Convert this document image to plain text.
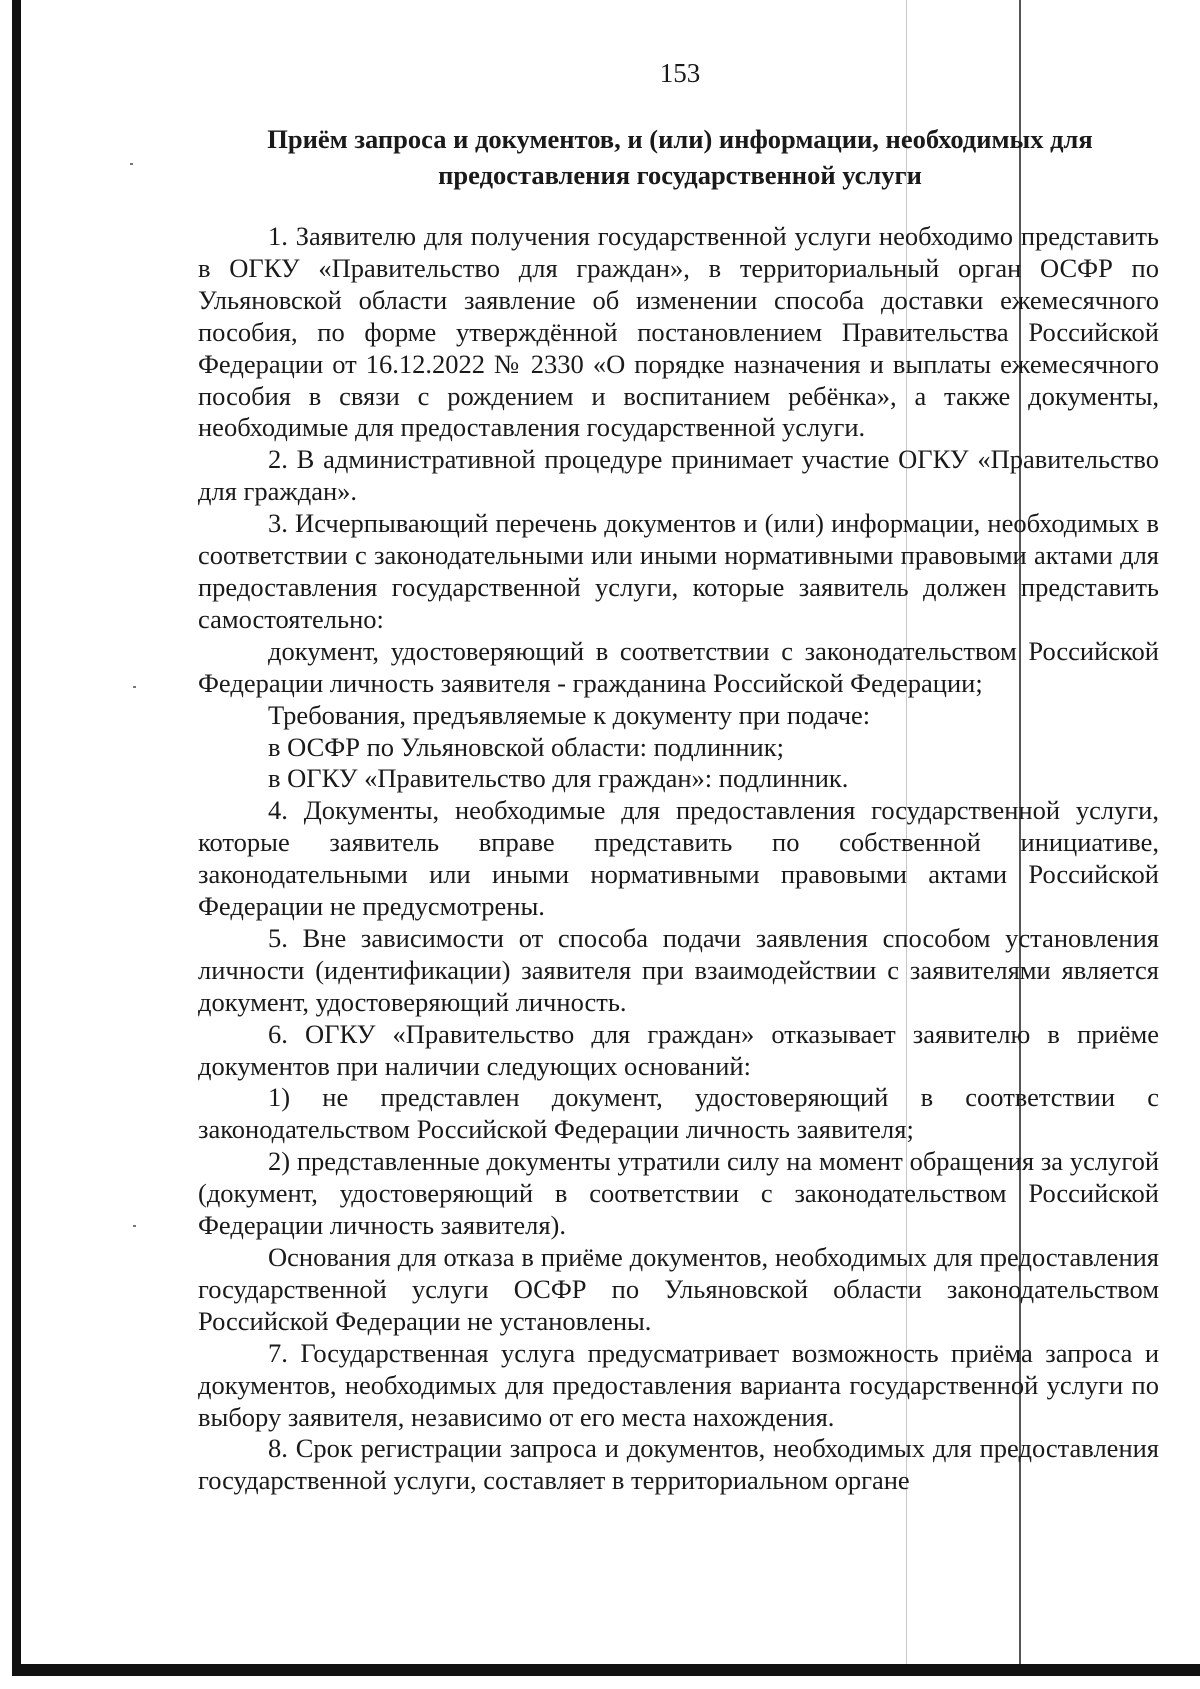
153
Приём запроса и документов, и (или) информации, необходимых для
предоставления государственной услуги

1. Заявителю для получения государственной услуги необходимо представить в ОГКУ «Правительство для граждан», в территориальный орган ОСФР по Ульяновской области заявление об изменении способа доставки ежемесячного пособия, по форме утверждённой постановлением Правительства Российской Федерации от 16.12.2022 № 2330 «О порядке назначения и выплаты ежемесячного пособия в связи с рождением и воспитанием ребёнка», а также документы, необходимые для предоставления государственной услуги.

2. В административной процедуре принимает участие ОГКУ «Правительство для граждан».

3. Исчерпывающий перечень документов и (или) информации, необходимых в соответствии с законодательными или иными нормативными правовыми актами для предоставления государственной услуги, которые заявитель должен представить самостоятельно:

документ, удостоверяющий в соответствии с законодательством Российской Федерации личность заявителя - гражданина Российской Федерации;

Требования, предъявляемые к документу при подаче:

в ОСФР по Ульяновской области: подлинник;

в ОГКУ «Правительство для граждан»: подлинник.

4. Документы, необходимые для предоставления государственной услуги, которые заявитель вправе представить по собственной инициативе, законодательными или иными нормативными правовыми актами Российской Федерации не предусмотрены.

5. Вне зависимости от способа подачи заявления способом установления личности (идентификации) заявителя при взаимодействии с заявителями является документ, удостоверяющий личность.

6. ОГКУ «Правительство для граждан» отказывает заявителю в приёме документов при наличии следующих оснований:

1) не представлен документ, удостоверяющий в соответствии с законодательством Российской Федерации личность заявителя;

2) представленные документы утратили силу на момент обращения за услугой (документ, удостоверяющий в соответствии с законодательством Российской Федерации личность заявителя).

Основания для отказа в приёме документов, необходимых для предоставления государственной услуги ОСФР по Ульяновской области законодательством Российской Федерации не установлены.

7. Государственная услуга предусматривает возможность приёма запроса и документов, необходимых для предоставления варианта государственной услуги по выбору заявителя, независимо от его места нахождения.

8. Срок регистрации запроса и документов, необходимых для предоставления государственной услуги, составляет в территориальном органе
